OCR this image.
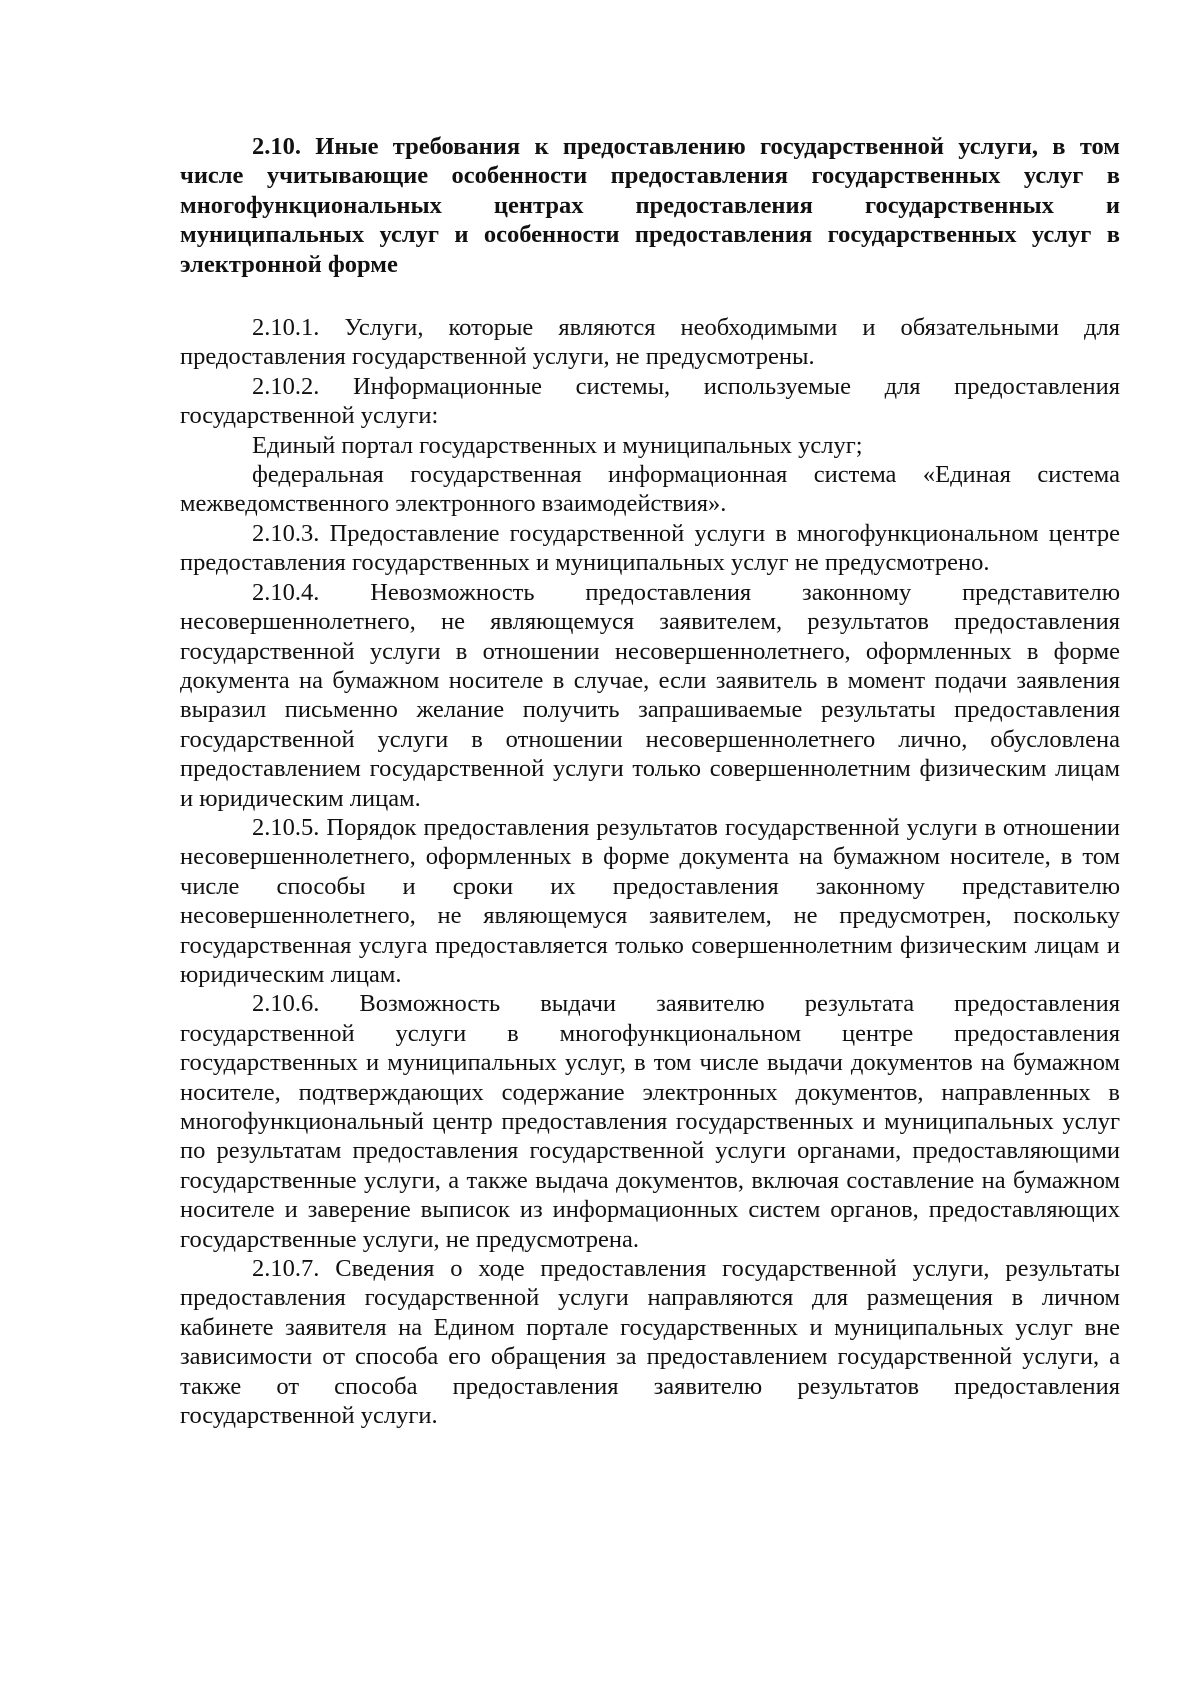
2.10. Иные требования к предоставлению государственной услуги, в том числе учитывающие особенности предоставления государственных услуг в многофункциональных центрах предоставления государственных и муниципальных услуг и особенности предоставления государственных услуг в электронной форме

2.10.1. Услуги, которые являются необходимыми и обязательными для предоставления государственной услуги, не предусмотрены.

2.10.2. Информационные системы, используемые для предоставления государственной услуги:

Единый портал государственных и муниципальных услуг;

федеральная государственная информационная система «Единая система межведомственного электронного взаимодействия».

2.10.3. Предоставление государственной услуги в многофункциональном центре предоставления государственных и муниципальных услуг не предусмотрено.

2.10.4. Невозможность предоставления законному представителю несовершеннолетнего, не являющемуся заявителем, результатов предоставления государственной услуги в отношении несовершеннолетнего, оформленных в форме документа на бумажном носителе в случае, если заявитель в момент подачи заявления выразил письменно желание получить запрашиваемые результаты предоставления государственной услуги в отношении несовершеннолетнего лично, обусловлена предоставлением государственной услуги только совершеннолетним физическим лицам и юридическим лицам.

2.10.5. Порядок предоставления результатов государственной услуги в отношении несовершеннолетнего, оформленных в форме документа на бумажном носителе, в том числе способы и сроки их предоставления законному представителю несовершеннолетнего, не являющемуся заявителем, не предусмотрен, поскольку государственная услуга предоставляется только совершеннолетним физическим лицам и юридическим лицам.

2.10.6. Возможность выдачи заявителю результата предоставления государственной услуги в многофункциональном центре предоставления государственных и муниципальных услуг, в том числе выдачи документов на бумажном носителе, подтверждающих содержание электронных документов, направленных в многофункциональный центр предоставления государственных и муниципальных услуг по результатам предоставления государственной услуги органами, предоставляющими государственные услуги, а также выдача документов, включая составление на бумажном носителе и заверение выписок из информационных систем органов, предоставляющих государственные услуги, не предусмотрена.

2.10.7. Сведения о ходе предоставления государственной услуги, результаты предоставления государственной услуги направляются для размещения в личном кабинете заявителя на Едином портале государственных и муниципальных услуг вне зависимости от способа его обращения за предоставлением государственной услуги, а также от способа предоставления заявителю результатов предоставления государственной услуги.
